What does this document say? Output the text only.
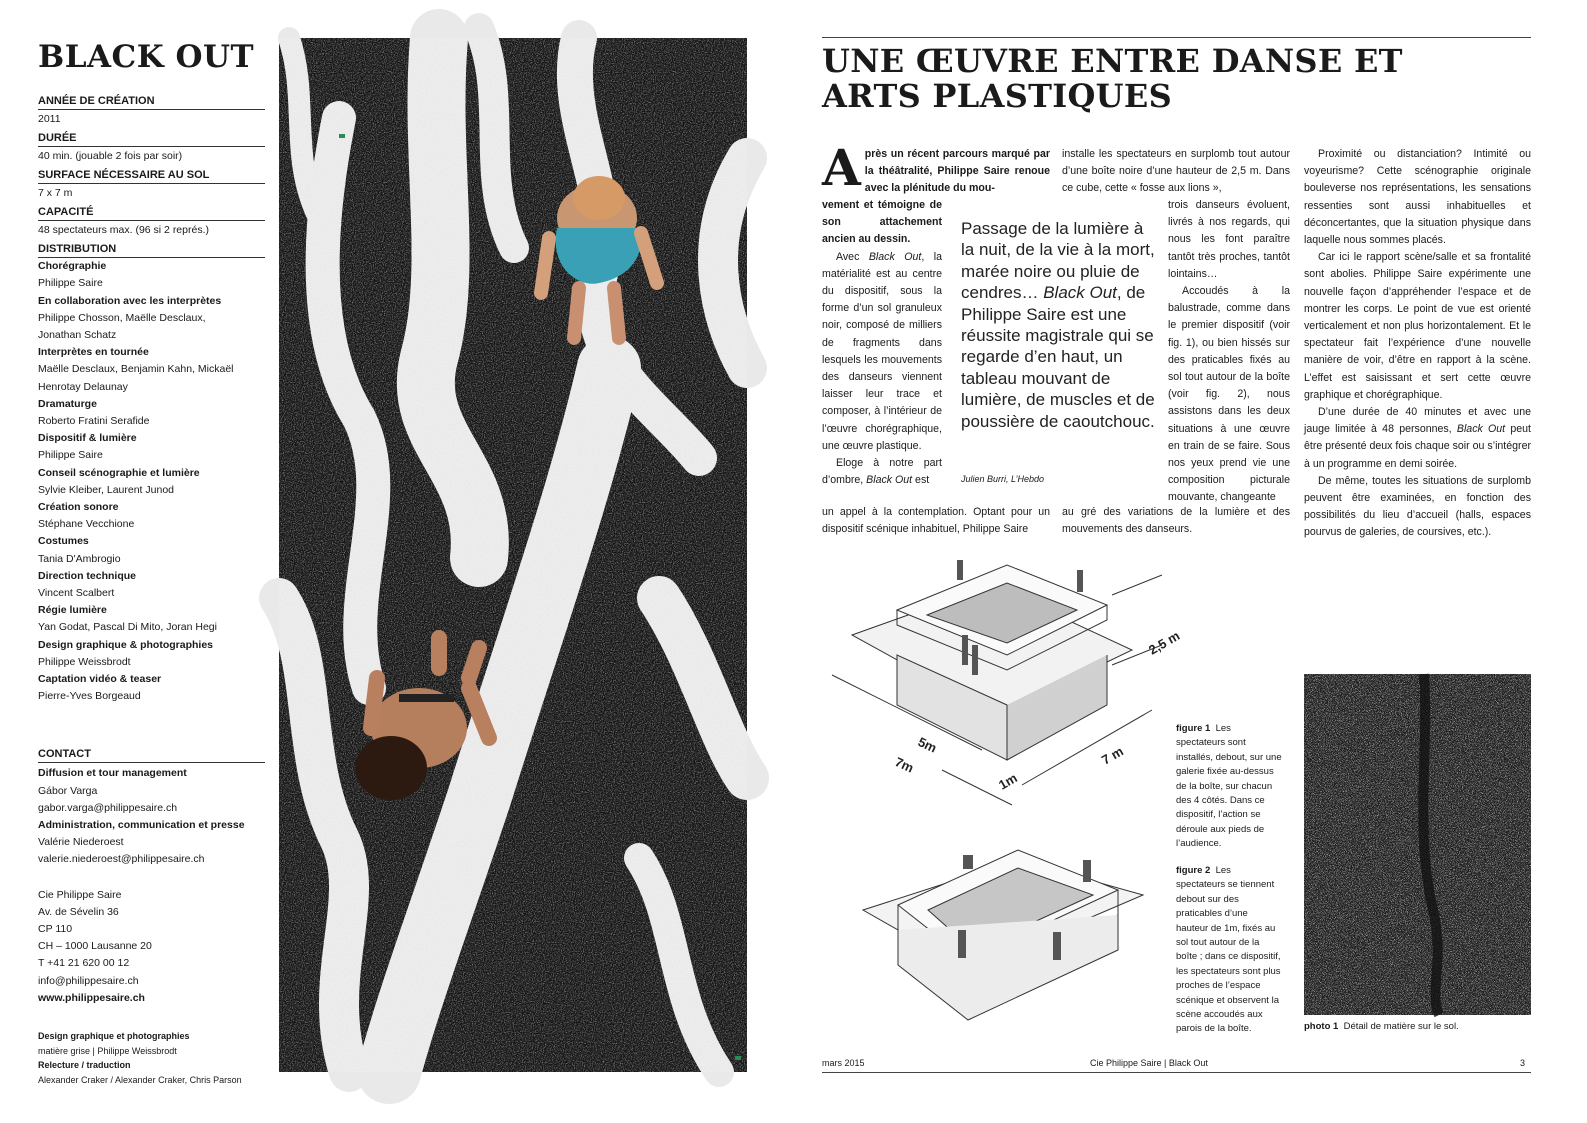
BLACK OUT
ANNÉE DE CRÉATION
2011
DURÉE
40 min. (jouable 2 fois par soir)
SURFACE NÉCESSAIRE AU SOL
7 x 7 m
CAPACITÉ
48 spectateurs max. (96 si 2 représ.)
DISTRIBUTION
Chorégraphie
Philippe Saire
En collaboration avec les interprètes
Philippe Chosson, Maëlle Desclaux,
Jonathan Schatz
Interprètes en tournée
Maëlle Desclaux, Benjamin Kahn, Mickaël
Henrotay Delaunay
Dramaturge
Roberto Fratini Serafide
Dispositif & lumière
Philippe Saire
Conseil scénographie et lumière
Sylvie Kleiber, Laurent Junod
Création sonore
Stéphane Vecchione
Costumes
Tania D'Ambrogio
Direction technique
Vincent Scalbert
Régie lumière
Yan Godat, Pascal Di Mito, Joran Hegi
Design graphique & photographies
Philippe Weissbrodt
Captation vidéo & teaser
Pierre-Yves Borgeaud
CONTACT
Diffusion et tour management
Gábor Varga
gabor.varga@philippesaire.ch
Administration, communication et presse
Valérie Niederoest
valerie.niederoest@philippesaire.ch
Cie Philippe Saire
Av. de Sévelin 36
CP 110
CH – 1000 Lausanne 20
T +41 21 620 00 12
info@philippesaire.ch
www.philippesaire.ch
Design graphique et photographies
matière grise | Philippe Weissbrodt
Relecture / traduction
Alexander Craker / Alexander Craker, Chris Parson
UNE ŒUVRE ENTRE DANSE ET
ARTS PLASTIQUES

Après un récent parcours marqué par la théâtralité, Philippe Saire renoue avec la plénitude du mou-

vement et témoigne de son attachement ancien au dessin.

Avec Black Out, la matérialité est au centre du dispositif, sous la forme d’un sol granuleux noir, composé de milliers de fragments dans lesquels les mouvements des danseurs viennent laisser leur trace et composer, à l’intérieur de l’œuvre chorégraphique, une œuvre plastique.

Eloge à notre part d’ombre, Black Out est

un appel à la contemplation. Optant pour un dispositif scénique inhabituel, Philippe Saire

installe les spectateurs en surplomb tout autour d’une boîte noire d’une hauteur de 2,5 m. Dans ce cube, cette « fosse aux lions »,

trois danseurs évoluent, livrés à nos regards, qui nous les font paraître tantôt très proches, tantôt lointains…

Accoudés à la balustrade, comme dans le premier dispositif (voir fig. 1), ou bien hissés sur des praticables fixés au sol tout autour de la boîte (voir fig. 2), nous assistons dans les deux situations à une œuvre en train de se faire. Sous nos yeux prend vie une composition picturale mouvante, changeante

au gré des variations de la lumière et des mouvements des danseurs.

Passage de la lumière à la nuit, de la vie à la mort, marée noire ou pluie de cendres… Black Out, de Philippe Saire est une réussite magistrale qui se regarde d’en haut, un tableau mouvant de lumière, de muscles et de poussière de caoutchouc.
Julien Burri, L’Hebdo

Proximité ou distanciation? Intimité ou voyeurisme? Cette scénographie originale bouleverse nos représentations, les sensations ressenties sont aussi inhabituelles et déconcertantes, que la situation physique dans laquelle nous sommes placés.

Car ici le rapport scène/salle et sa frontalité sont abolies. Philippe Saire expérimente une nouvelle façon d’appréhender l’espace et de montrer les corps. Le point de vue est orienté verticalement et non plus horizontalement. Et le spectateur fait l’expérience d’une nouvelle manière de voir, d’être en rapport à la scène. L’effet est saisissant et sert cette œuvre graphique et chorégraphique.

D’une durée de 40 minutes et avec une jauge limitée à 48 personnes, Black Out peut être présenté deux fois chaque soir ou s’intégrer à un programme en demi soirée.

De même, toutes les situations de surplomb peuvent être examinées, en fonction des possibilités du lieu d’accueil (halls, espaces pourvus de galeries, de coursives, etc.).

2,5 m
5m
7m	7 m
1m
figure 1 Les spectateurs sont installés, debout, sur une galerie fixée au-dessus de la boîte, sur chacun des 4 côtés. Dans ce dispositif, l’action se déroule aux pieds de l’audience.
figure 2 Les spectateurs se tiennent debout sur des praticables d’une hauteur de 1m, fixés au sol tout autour de la boîte ; dans ce dispositif, les spectateurs sont plus proches de l’espace scénique et observent la scène accoudés aux parois de la boîte.	photo 1 Détail de matière sur le sol.
mars 2015	Cie Philippe Saire | Black Out	3
